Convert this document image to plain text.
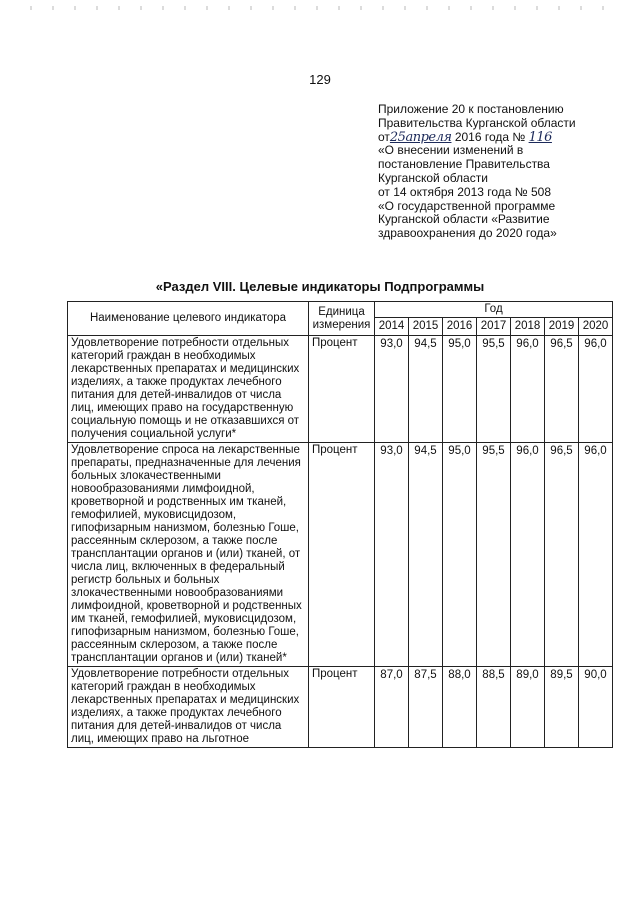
129
Приложение 20 к постановлению
Правительства Курганской области
от25апреля 2016 года № 116
«О внесении изменений в
постановление Правительства
Курганской области
от 14 октября 2013 года № 508
«О государственной программе
Курганской области «Развитие
здравоохранения до 2020 года»
«Раздел VIII. Целевые индикаторы Подпрограммы
Наименование целевого индикатора	Единица измерения	Год						
		2014	2015	2016	2017	2018	2019	2020
Удовлетворение потребности отдельных категорий граждан в необходимых лекарственных препаратах и медицинских изделиях, а также продуктах лечебного питания для детей-инвалидов от числа лиц, имеющих право на государственную социальную помощь и не отказавшихся от получения социальной услуги*	Процент	93,0	94,5	95,0	95,5	96,0	96,5	96,0
Удовлетворение спроса на лекарственные препараты, предназначенные для лечения больных злокачественными новообразованиями лимфоидной, кроветворной и родственных им тканей, гемофилией, муковисцидозом, гипофизарным нанизмом, болезнью Гоше, рассеянным склерозом, а также после трансплантации органов и (или) тканей, от числа лиц, включенных в федеральный регистр больных и больных злокачественными новообразованиями лимфоидной, кроветворной и родственных им тканей, гемофилией, муковисцидозом, гипофизарным нанизмом, болезнью Гоше, рассеянным склерозом, а также после трансплантации органов и (или) тканей*	Процент	93,0	94,5	95,0	95,5	96,0	96,5	96,0
Удовлетворение потребности отдельных категорий граждан в необходимых лекарственных препаратах и медицинских изделиях, а также продуктах лечебного питания для детей-инвалидов от числа лиц, имеющих право на льготное	Процент	87,0	87,5	88,0	88,5	89,0	89,5	90,0
